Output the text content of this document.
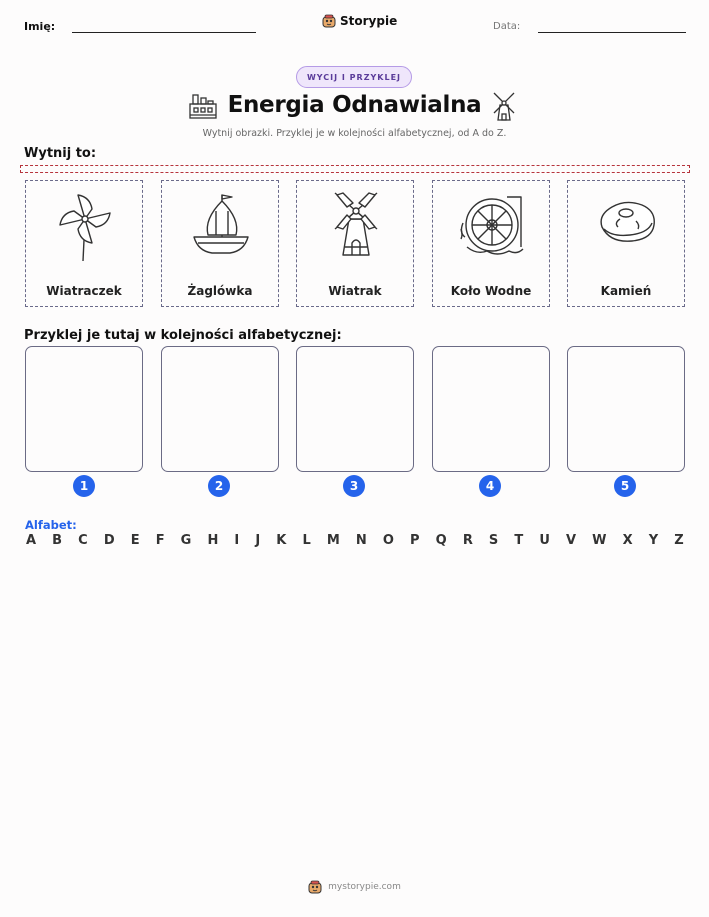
Imię:	Storypie	Data:
WYCIJ I PRZYKLEJ
Energia Odnawialna
Wytnij obrazki. Przyklej je w kolejności alfabetycznej, od A do Z.
Wytnij to:
Wiatraczek	Żaglówka	Wiatrak	Koło Wodne	Kamień
Przyklej je tutaj w kolejności alfabetycznej:
1	2	3	4	5
Alfabet:
A B C D E F G H I J K L M N O P Q R S T U V W X Y Z
mystorypie.com
